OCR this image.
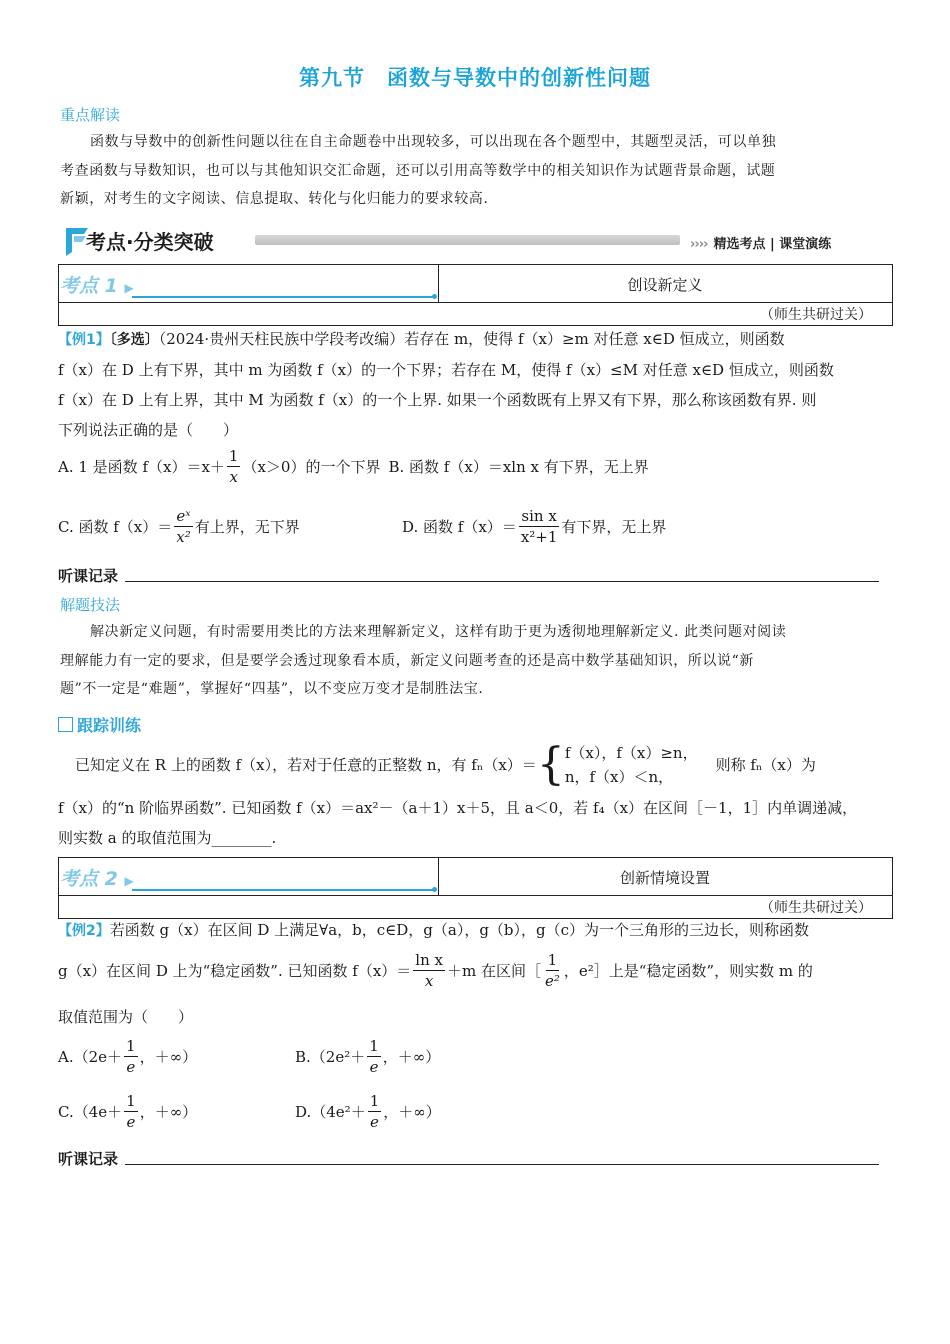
第九节 函数与导数中的创新性问题
重点解读
函数与导数中的创新性问题以往在自主命题卷中出现较多，可以出现在各个题型中，其题型灵活，可以单独
考查函数与导数知识，也可以与其他知识交汇命题，还可以引用高等数学中的相关知识作为试题背景命题，试题
新颖，对考生的文字阅读、信息提取、转化与化归能力的要求较高.
考点·分类突破	›››› 精选考点 | 课堂演练
考点 1 ▶	创设新定义
（师生共研过关）
【例1】〔多选〕（2024·贵州天柱民族中学段考改编）若存在 m，使得 f（x）≥m 对任意 x∈D 恒成立，则函数
f（x）在 D 上有下界，其中 m 为函数 f（x）的一个下界；若存在 M，使得 f（x）≤M 对任意 x∈D 恒成立，则函数
f（x）在 D 上有上界，其中 M 为函数 f（x）的一个上界. 如果一个函数既有上界又有下界，那么称该函数有界. 则
下列说法正确的是（　　）
A. 1 是函数 $f(x)=x+ \frac{1}{x} (x>0)$的一个下界 B. 函数 f（x）＝xln x 有下界，无上界
C. 函数 $f(x)= \frac{\text{eˣ}}{\text{x²}}$ 有上界，无下界	D. 函数 $f(x)= \frac{\text{sin x}}{\text{x²+1}}$ 有下界，无上界
听课记录
解题技法
解决新定义问题，有时需要用类比的方法来理解新定义，这样有助于更为透彻地理解新定义. 此类问题对阅读
理解能力有一定的要求，但是要学会透过现象看本质，新定义问题考查的还是高中数学基础知识，所以说“新
题”不一定是“难题”，掌握好“四基”，以不变应万变才是制胜法宝.
跟踪训练
已知定义在 R 上的函数 f（x），若对于任意的正整数 n，有 fₙ（x）＝ { f（x），f（x）≥n，
n，f（x）＜n，
则称 fₙ（x）为
f（x）的“n 阶临界函数”. 已知函数 f（x）＝ax²－（a＋1）x＋5，且 a＜0，若 f₄（x）在区间［－1，1］内单调递减，
则实数 a 的取值范围为________.
考点 2 ▶	创新情境设置
（师生共研过关）
【例2】若函数 g（x）在区间 D 上满足∀a，b，c∈D，g（a），g（b），g（c）为一个三角形的三边长，则称函数
g（x）在区间 D 上为“稳定函数”. 已知函数 $f(x)= \frac{\text{ln x}}{x} +m$ 在区间［ $\frac{1}{\text{e²}}$ ，e²］上是“稳定函数”，则实数 m 的
取值范围为（　　）
$A.(2e+ \frac{1}{e}$ ，＋∞）	$B.(2e^2+ \frac{1}{e}$ ，＋∞）
$C.(4e+ \frac{1}{e}$ ，＋∞）	$D.(4e^2+ \frac{1}{e}$ ，＋∞）
听课记录
